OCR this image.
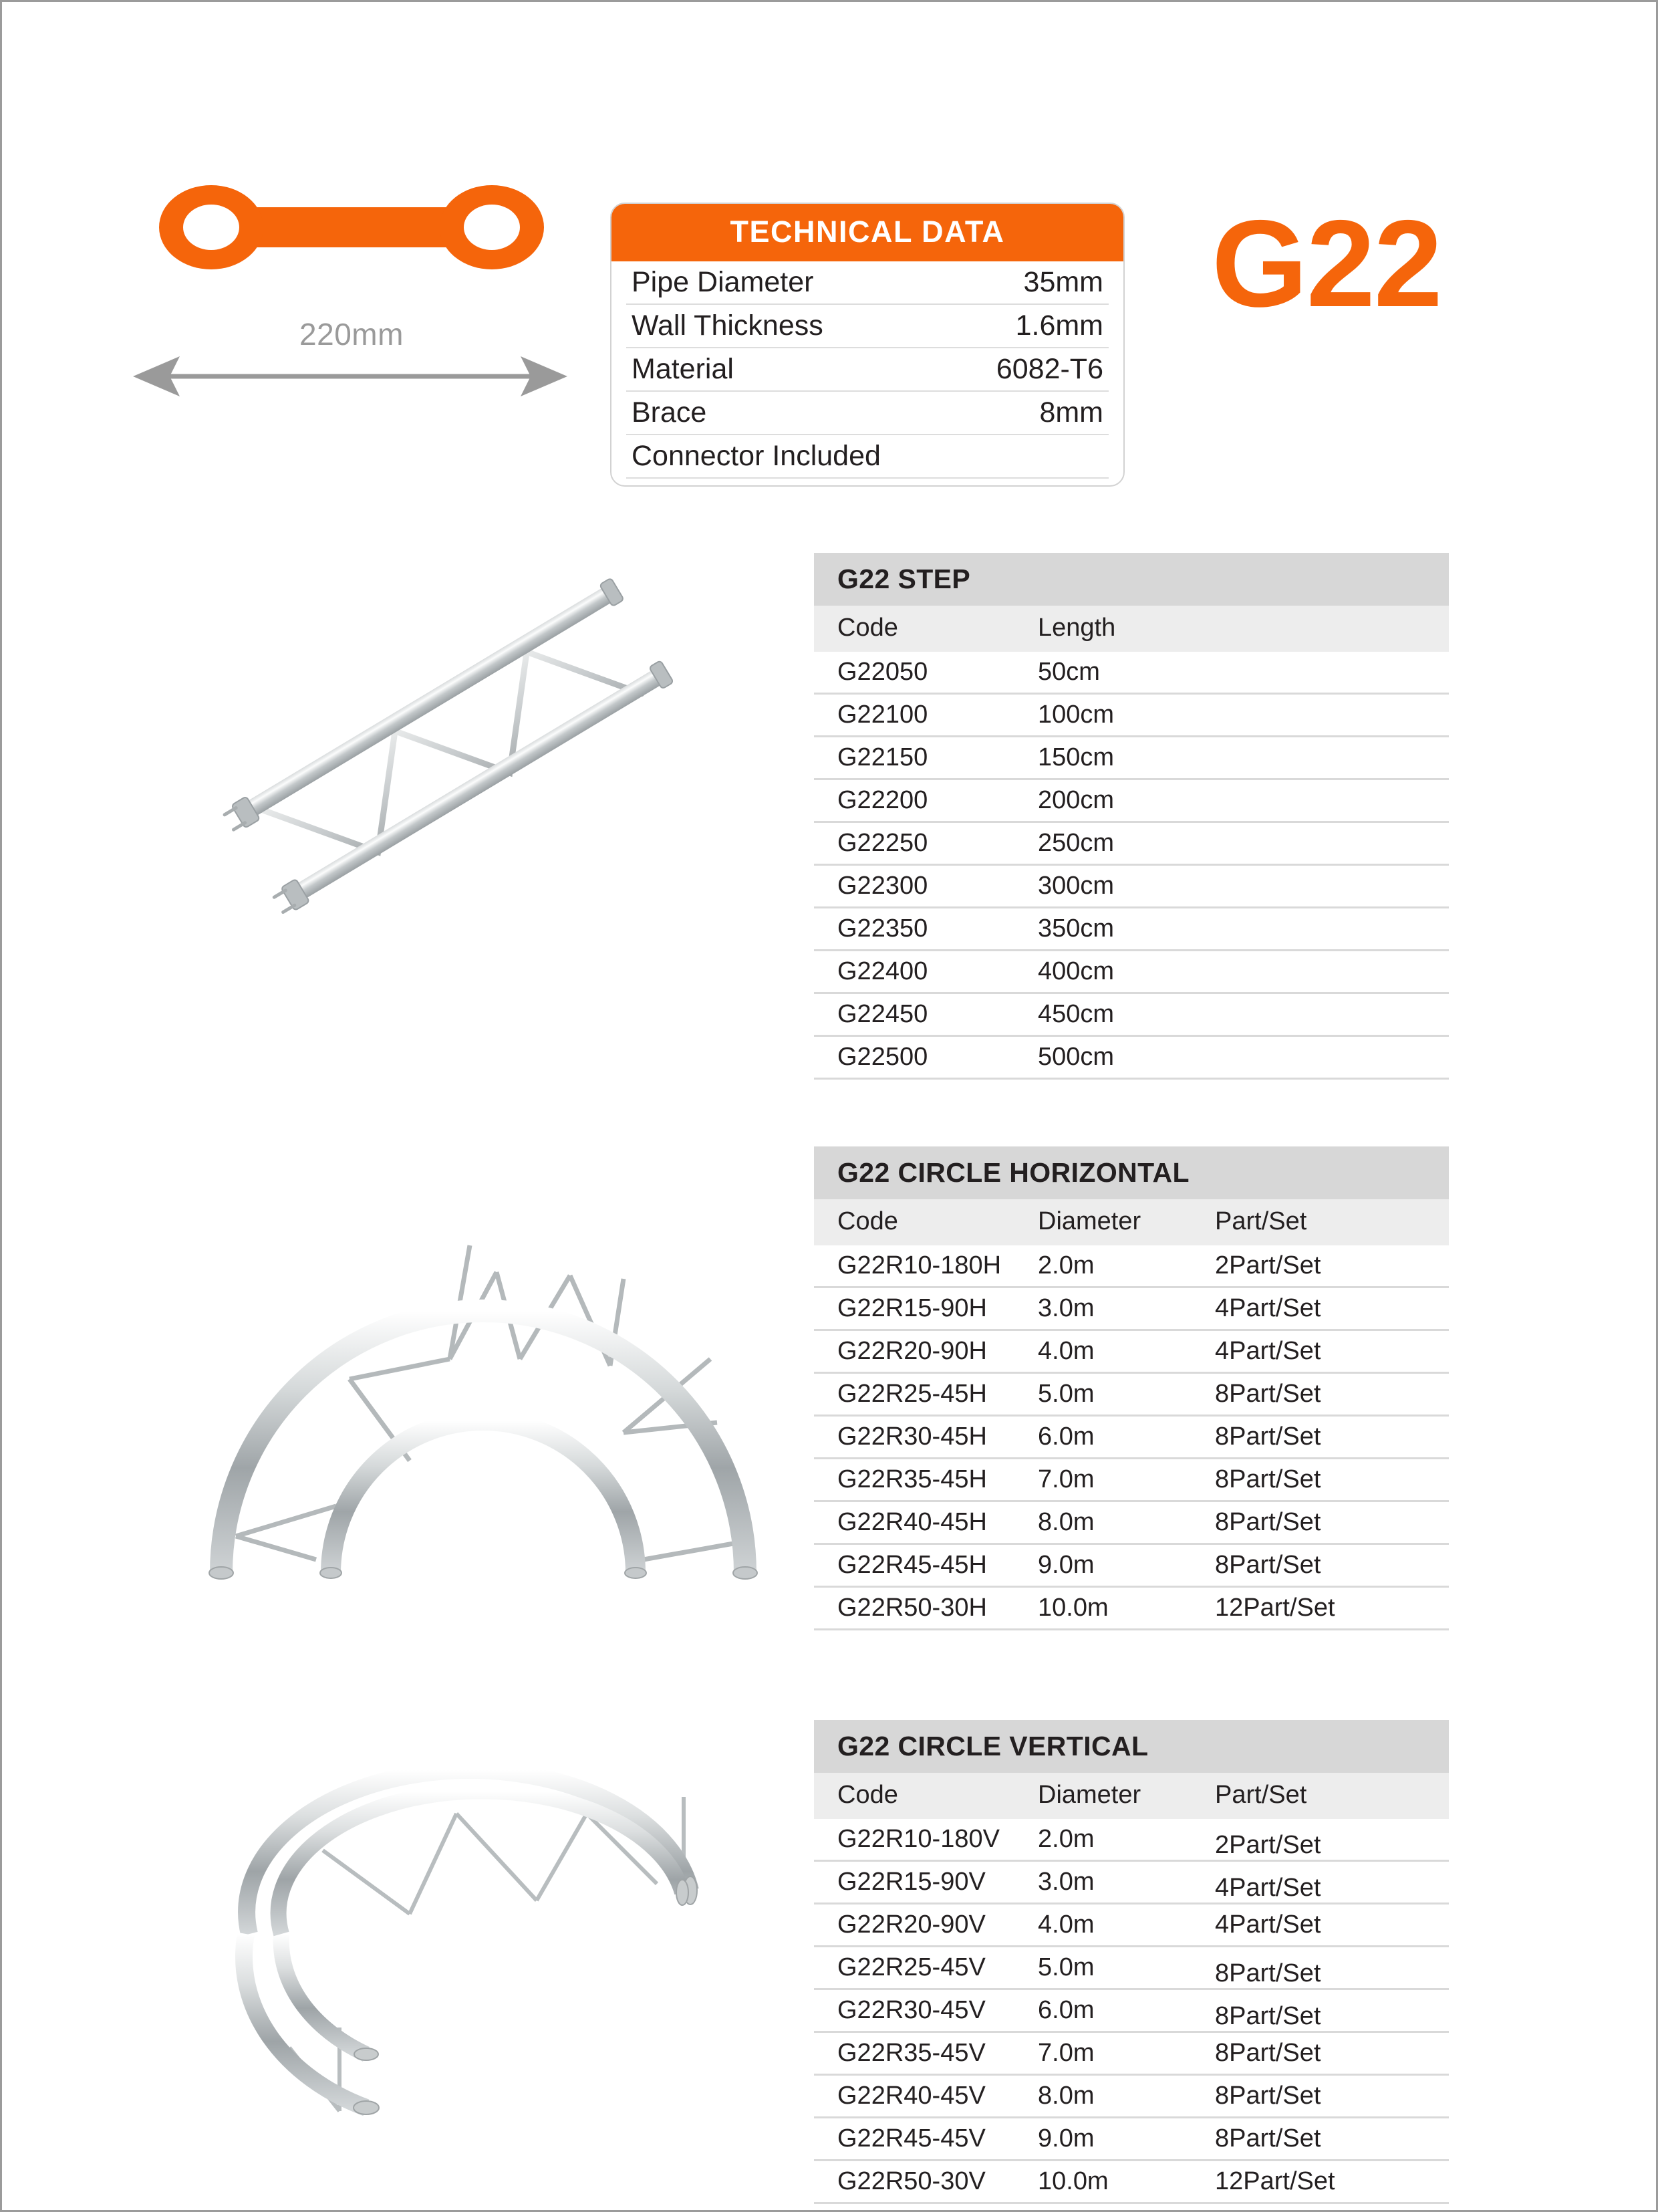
220mm
TECHNICAL DATA
Pipe Diameter	35mm
Wall Thickness	1.6mm
Material	6082-T6
Brace	8mm
Connector Included
G22
G22 STEP
Code	Length
G22050	50cm
G22100	100cm
G22150	150cm
G22200	200cm
G22250	250cm
G22300	300cm
G22350	350cm
G22400	400cm
G22450	450cm
G22500	500cm
G22 CIRCLE HORIZONTAL
Code	Diameter	Part/Set
G22R10-180H	2.0m	2Part/Set
G22R15-90H	3.0m	4Part/Set
G22R20-90H	4.0m	4Part/Set
G22R25-45H	5.0m	8Part/Set
G22R30-45H	6.0m	8Part/Set
G22R35-45H	7.0m	8Part/Set
G22R40-45H	8.0m	8Part/Set
G22R45-45H	9.0m	8Part/Set
G22R50-30H	10.0m	12Part/Set
G22 CIRCLE VERTICAL
Code	Diameter	Part/Set
G22R10-180V	2.0m	2Part/Set
G22R15-90V	3.0m	4Part/Set
G22R20-90V	4.0m	4Part/Set
G22R25-45V	5.0m	8Part/Set
G22R30-45V	6.0m	8Part/Set
G22R35-45V	7.0m	8Part/Set
G22R40-45V	8.0m	8Part/Set
G22R45-45V	9.0m	8Part/Set
G22R50-30V	10.0m	12Part/Set
